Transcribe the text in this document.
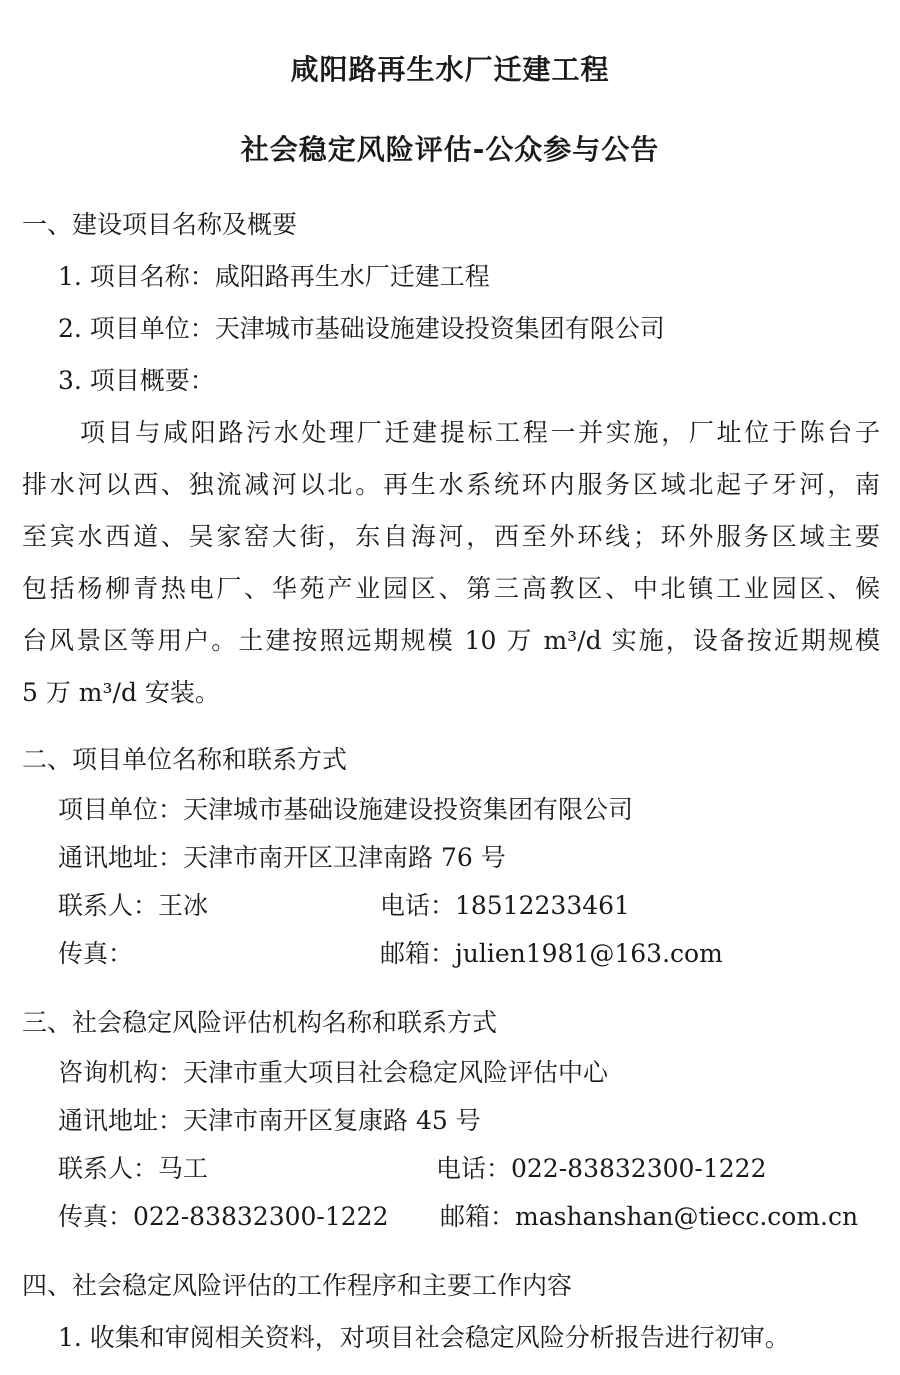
咸阳路再生水厂迁建工程
社会稳定风险评估-公众参与公告
一、建设项目名称及概要
1. 项目名称：咸阳路再生水厂迁建工程
2. 项目单位：天津城市基础设施建设投资集团有限公司
3. 项目概要：
项目与咸阳路污水处理厂迁建提标工程一并实施，厂址位于陈台子
排水河以西、独流减河以北。再生水系统环内服务区域北起子牙河，南
至宾水西道、吴家窑大街，东自海河，西至外环线；环外服务区域主要
包括杨柳青热电厂、华苑产业园区、第三高教区、中北镇工业园区、候
台风景区等用户。土建按照远期规模 10 万 m³/d 实施，设备按近期规模
5 万 m³/d 安装。
二、项目单位名称和联系方式
项目单位：天津城市基础设施建设投资集团有限公司
通讯地址：天津市南开区卫津南路 76 号
联系人：王冰	电话：18512233461
传真：	邮箱：julien1981@163.com
三、社会稳定风险评估机构名称和联系方式
咨询机构：天津市重大项目社会稳定风险评估中心
通讯地址：天津市南开区复康路 45 号
联系人：马工	电话：022-83832300-1222
传真：022-83832300-1222 邮箱：mashanshan@tiecc.com.cn
四、社会稳定风险评估的工作程序和主要工作内容
1. 收集和审阅相关资料，对项目社会稳定风险分析报告进行初审。
